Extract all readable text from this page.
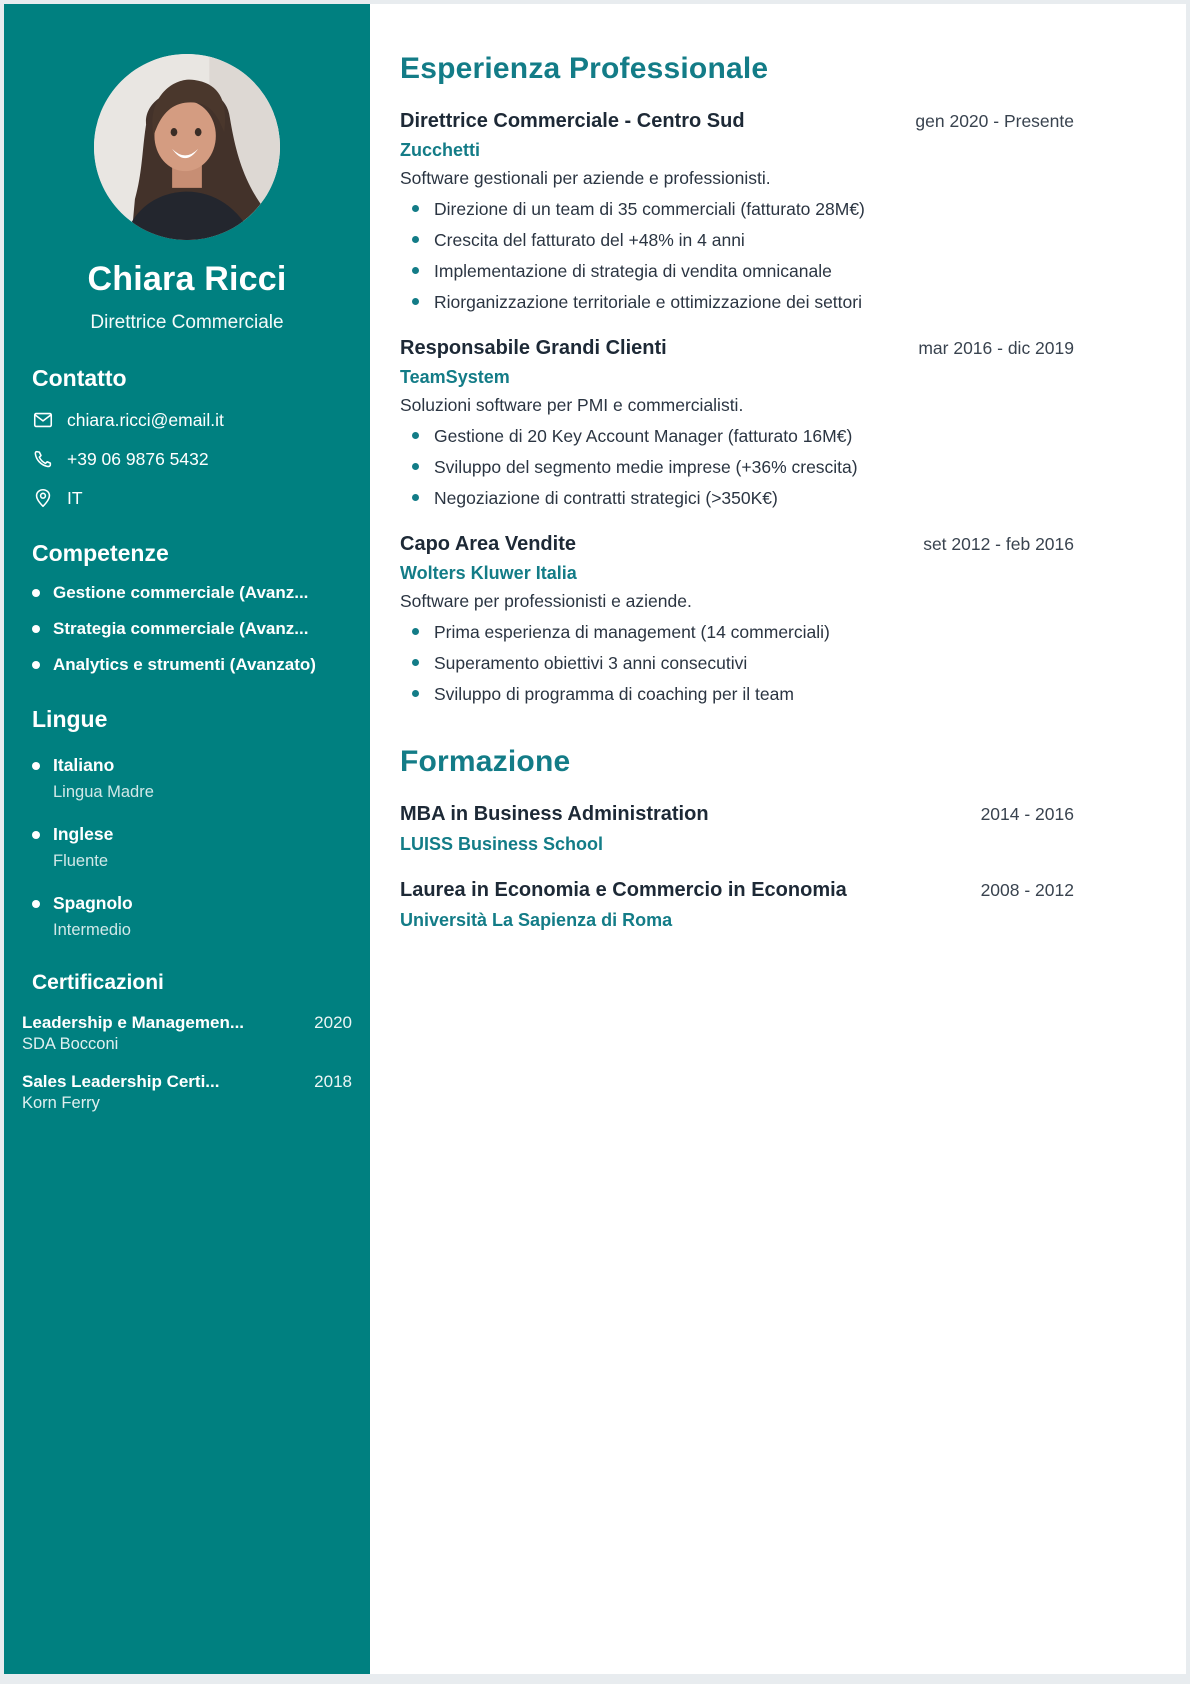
Chiara Ricci
Direttrice Commerciale
Contatto
chiara.ricci@email.it
+39 06 9876 5432
IT
Competenze
Gestione commerciale (Avanz...
Strategia commerciale (Avanz...
Analytics e strumenti (Avanzato)
Lingue
Italiano
Lingua Madre
Inglese
Fluente
Spagnolo
Intermedio
Certificazioni
Leadership e Managemen...	2020
SDA Bocconi
Sales Leadership Certi...	2018
Korn Ferry
Esperienza Professionale
Direttrice Commerciale - Centro Sud	gen 2020 - Presente
Zucchetti
Software gestionali per aziende e professionisti.
Direzione di un team di 35 commerciali (fatturato 28M€)
Crescita del fatturato del +48% in 4 anni
Implementazione di strategia di vendita omnicanale
Riorganizzazione territoriale e ottimizzazione dei settori
Responsabile Grandi Clienti	mar 2016 - dic 2019
TeamSystem
Soluzioni software per PMI e commercialisti.
Gestione di 20 Key Account Manager (fatturato 16M€)
Sviluppo del segmento medie imprese (+36% crescita)
Negoziazione di contratti strategici (>350K€)
Capo Area Vendite	set 2012 - feb 2016
Wolters Kluwer Italia
Software per professionisti e aziende.
Prima esperienza di management (14 commerciali)
Superamento obiettivi 3 anni consecutivi
Sviluppo di programma di coaching per il team
Formazione
MBA in Business Administration	2014 - 2016
LUISS Business School
Laurea in Economia e Commercio in Economia	2008 - 2012
Università La Sapienza di Roma
